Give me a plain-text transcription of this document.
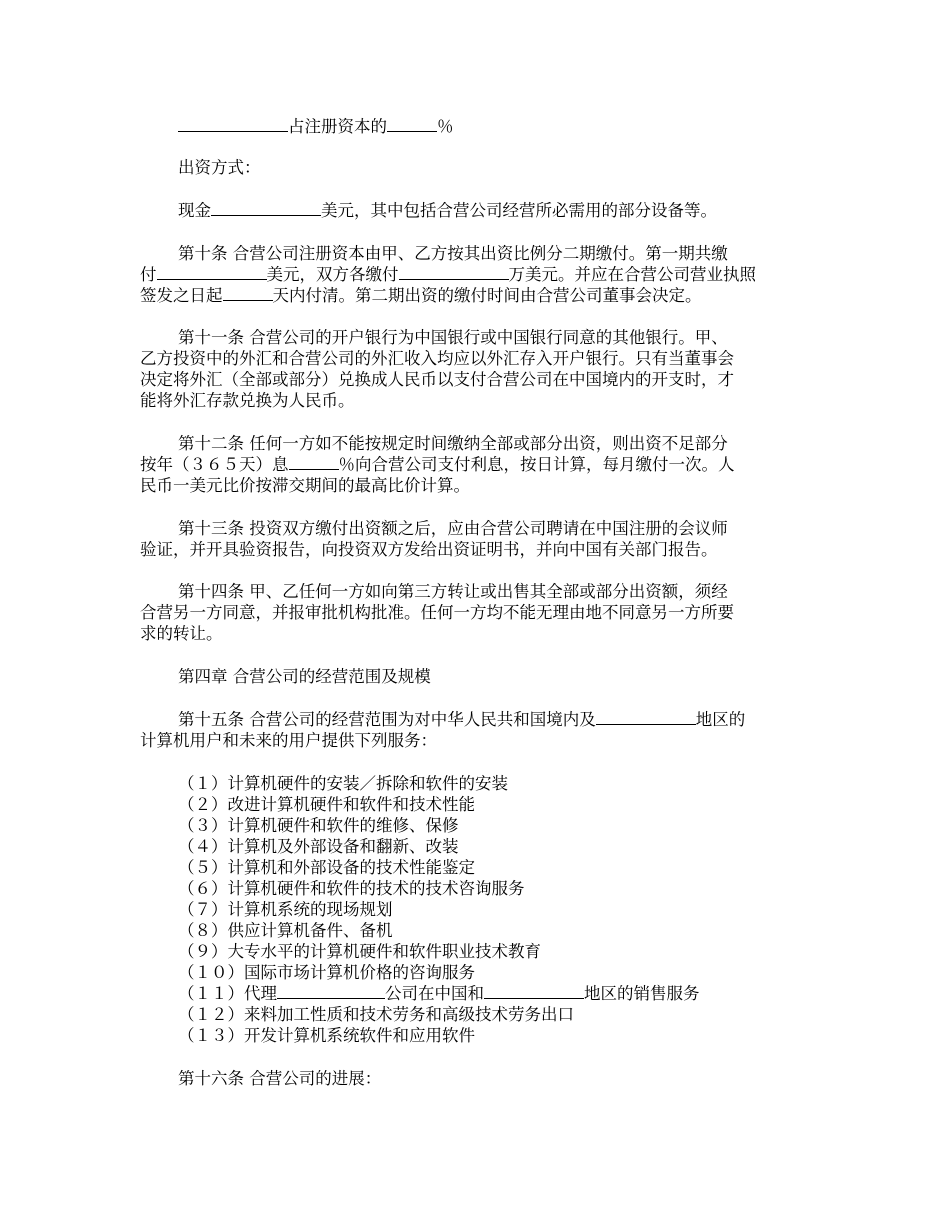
占注册资本的	％
出资方式：
现金	美元，其中包括合营公司经营所必需用的部分设备等。
第十条 合营公司注册资本由甲、乙方按其出资比例分二期缴付。第一期共缴
付	美元，双方各缴付	万美元。并应在合营公司营业执照
签发之日起	天内付清。第二期出资的缴付时间由合营公司董事会决定。
第十一条 合营公司的开户银行为中国银行或中国银行同意的其他银行。甲、
乙方投资中的外汇和合营公司的外汇收入均应以外汇存入开户银行。只有当董事会
决定将外汇（全部或部分）兑换成人民币以支付合营公司在中国境内的开支时，才
能将外汇存款兑换为人民币。
第十二条 任何一方如不能按规定时间缴纳全部或部分出资，则出资不足部分
按年（３６５天）息	％向合营公司支付利息，按日计算，每月缴付一次。人
民币一美元比价按滞交期间的最高比价计算。
第十三条 投资双方缴付出资额之后，应由合营公司聘请在中国注册的会议师
验证，并开具验资报告，向投资双方发给出资证明书，并向中国有关部门报告。
第十四条 甲、乙任何一方如向第三方转让或出售其全部或部分出资额，须经
合营另一方同意，并报审批机构批准。任何一方均不能无理由地不同意另一方所要
求的转让。
第四章 合营公司的经营范围及规模
第十五条 合营公司的经营范围为对中华人民共和国境内及	地区的
计算机用户和未来的用户提供下列服务：
（１）计算机硬件的安装／拆除和软件的安装
（２）改进计算机硬件和软件和技术性能
（３）计算机硬件和软件的维修、保修
（４）计算机及外部设备和翻新、改装
（５）计算机和外部设备的技术性能鉴定
（６）计算机硬件和软件的技术的技术咨询服务
（７）计算机系统的现场规划
（８）供应计算机备件、备机
（９）大专水平的计算机硬件和软件职业技术教育
（１０）国际市场计算机价格的咨询服务
（１１）代理	公司在中国和	地区的销售服务
（１２）来料加工性质和技术劳务和高级技术劳务出口
（１３）开发计算机系统软件和应用软件
第十六条 合营公司的进展：
